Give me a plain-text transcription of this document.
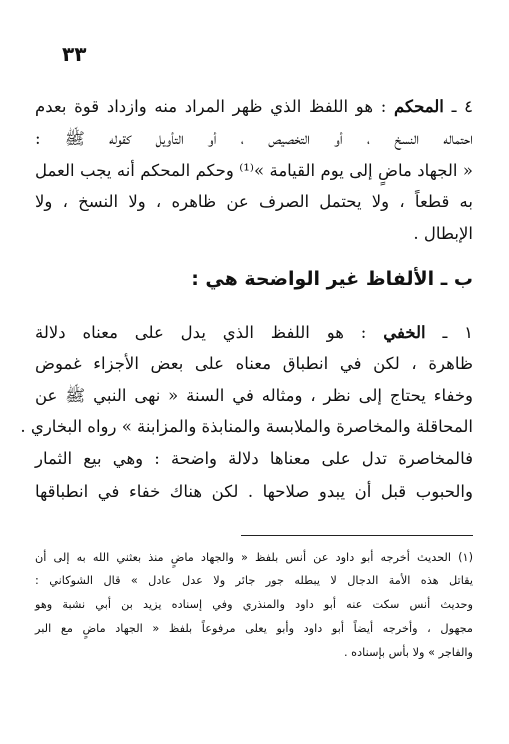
٣٣
٤ ـ المحكم : هو اللفظ الذي ظهر المراد منه وازداد قوة بعدم
احتماله النسخ ، أو التخصيص ، أو التأويل كقوله ﷺ :
« الجهاد ماضٍ إلى يوم القيامة »⁽¹⁾ وحكم المحكم أنه يجب العمل
به قطعاً ، ولا يحتمل الصرف عن ظاهره ، ولا النسخ ، ولا
الإبطال .
ب ـ الألفاظ غير الواضحة هي :
١ ـ الخفي : هو اللفظ الذي يدل على معناه دلالة
ظاهرة ، لكن في انطباق معناه على بعض الأجزاء غموض
وخفاء يحتاج إلى نظر ، ومثاله في السنة « نهى النبي ﷺ عن
المحاقلة والمخاصرة والملابسة والمنابذة والمزابنة » رواه البخاري .
فالمخاصرة تدل على معناها دلالة واضحة : وهي بيع الثمار
والحبوب قبل أن يبدو صلاحها . لكن هناك خفاء في انطباقها
(١) الحديث أخرجه أبو داود عن أنس بلفظ « والجهاد ماضٍ منذ بعثني الله به إلى أن
يقاتل هذه الأمة الدجال لا يبطله جور جائر ولا عدل عادل » قال الشوكاني :
وحديث أنس سكت عنه أبو داود والمنذري وفي إسناده يزيد بن أبي نشبة وهو
مجهول ، وأخرجه أيضاً أبو داود وأبو يعلى مرفوعاً بلفظ « الجهاد ماضٍ مع البر
والفاجر » ولا بأس بإسناده .
